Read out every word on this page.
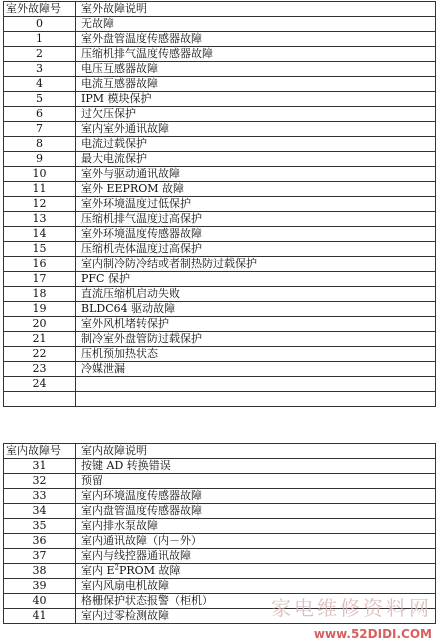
室外故障号	室外故障说明
0	无故障
1	室外盘管温度传感器故障
2	压缩机排气温度传感器故障
3	电压互感器故障
4	电流互感器故障
5	IPM 模块保护
6	过欠压保护
7	室内室外通讯故障
8	电流过载保护
9	最大电流保护
10	室外与驱动通讯故障
11	室外 EEPROM 故障
12	室外环境温度过低保护
13	压缩机排气温度过高保护
14	室外环境温度传感器故障
15	压缩机壳体温度过高保护
16	室内制冷防冷结或者制热防过载保护
17	PFC 保护
18	直流压缩机启动失败
19	BLDC64 驱动故障
20	室外风机堵转保护
21	制冷室外盘管防过载保护
22	压机预加热状态
23	冷媒泄漏
24	

室内故障号	室内故障说明
31	按键 AD 转换错误
32	预留
33	室内环境温度传感器故障
34	室内盘管温度传感器故障
35	室内排水泵故障
36	室内通讯故障（内－外）
37	室内与线控器通讯故障
38	室内 $E^2PROM$ 故障
39	室内风扇电机故障
40	格栅保护状态报警（柜机）
41	室内过零检测故障	家电维修资料网
www.52DIDI.COM
